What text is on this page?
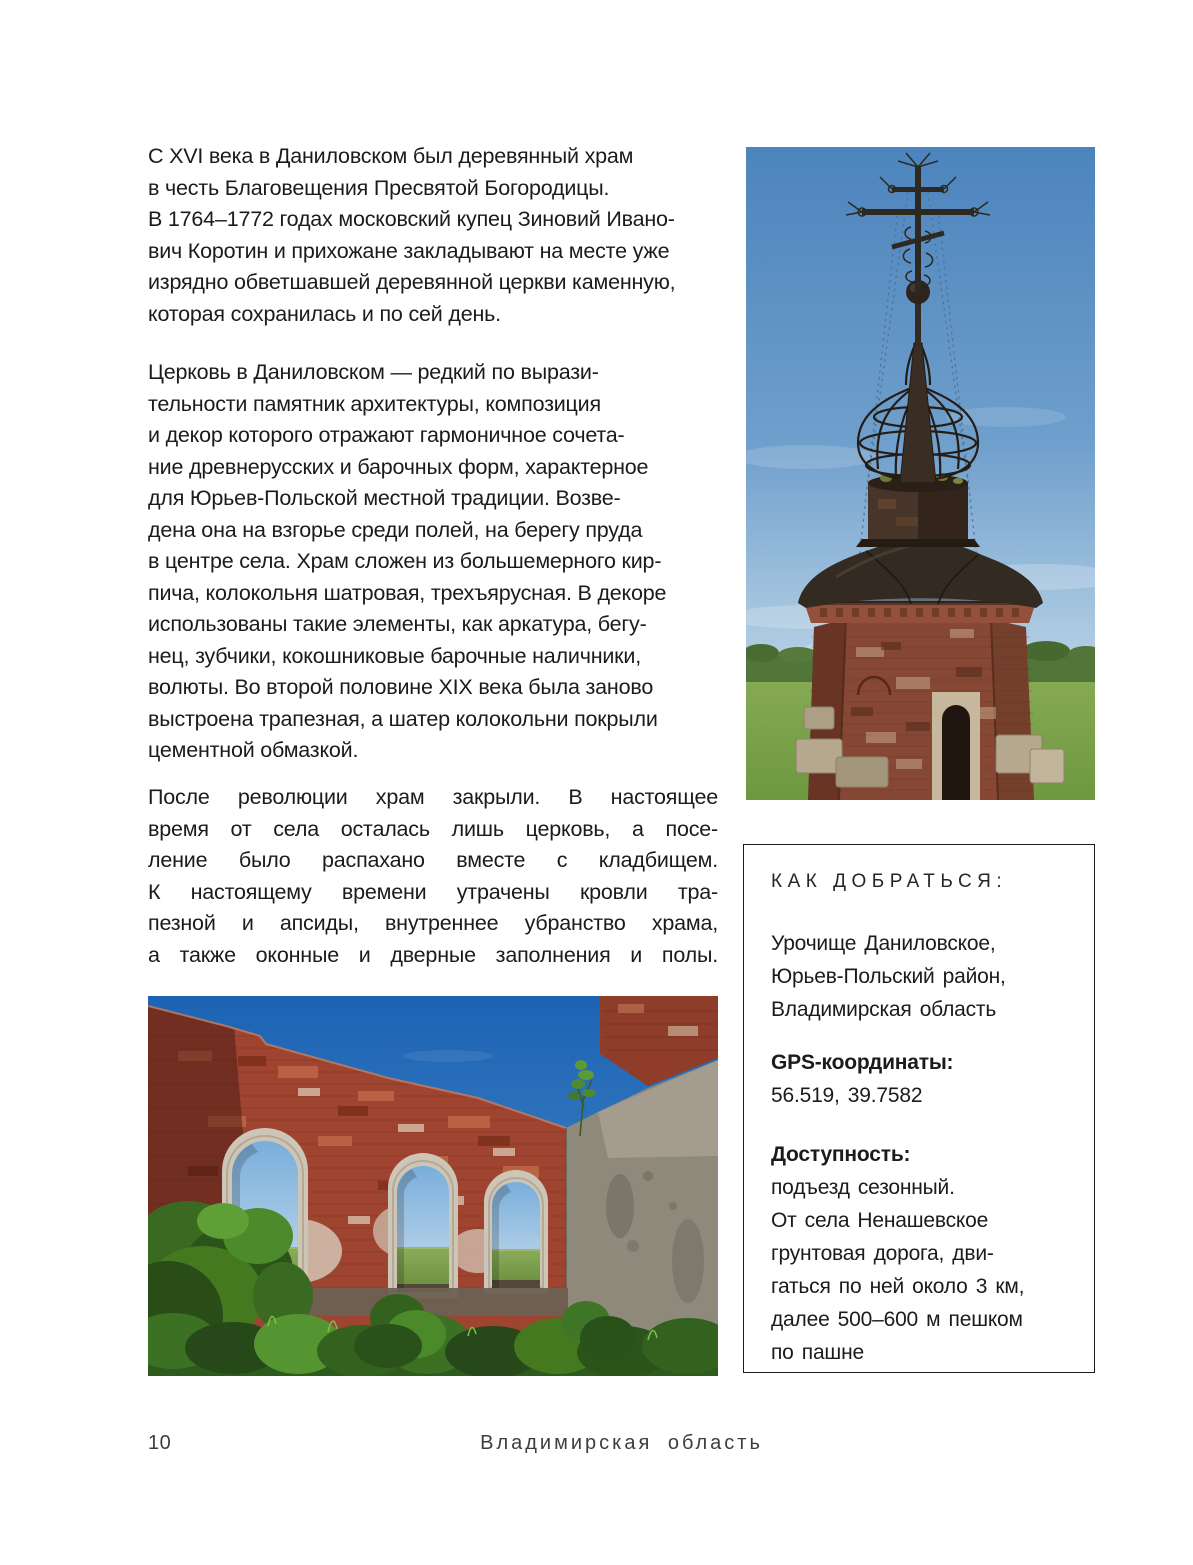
С XVI века в Даниловском был деревянный храм
в честь Благовещения Пресвятой Богородицы.
В 1764–1772 годах московский купец Зиновий Ивано-
вич Коротин и прихожане закладывают на месте уже
изрядно обветшавшей деревянной церкви каменную,
которая сохранилась и по сей день.

Церковь в Даниловском — редкий по вырази-
тельности памятник архитектуры, композиция
и декор которого отражают гармоничное сочета-
ние древнерусских и барочных форм, характерное
для Юрьев-Польской местной традиции. Возве-
дена она на взгорье среди полей, на берегу пруда
в центре села. Храм сложен из большемерного кир-
пича, колокольня шатровая, трехъярусная. В декоре
использованы такие элементы, как аркатура, бегу-
нец, зубчики, кокошниковые барочные наличники,
волюты. Во второй половине XIX века была заново
выстроена трапезная, а шатер колокольни покрыли
цементной обмазкой.

После революции храм закрыли. В настоящее
время от села осталась лишь церковь, а посе-
ление было распахано вместе с кладбищем.
К настоящему времени утрачены кровли тра-
пезной и апсиды, внутреннее убранство храма,
а также оконные и дверные заполнения и полы.

КАК ДОБРАТЬСЯ:
Урочище Даниловское,
Юрьев-Польский район,
Владимирская область
GPS-координаты:
56.519, 39.7582
Доступность:
подъезд сезонный.
От села Ненашевское
грунтовая дорога, дви-
гаться по ней около 3 км,
далее 500–600 м пешком
по пашне
10	Владимирская область
